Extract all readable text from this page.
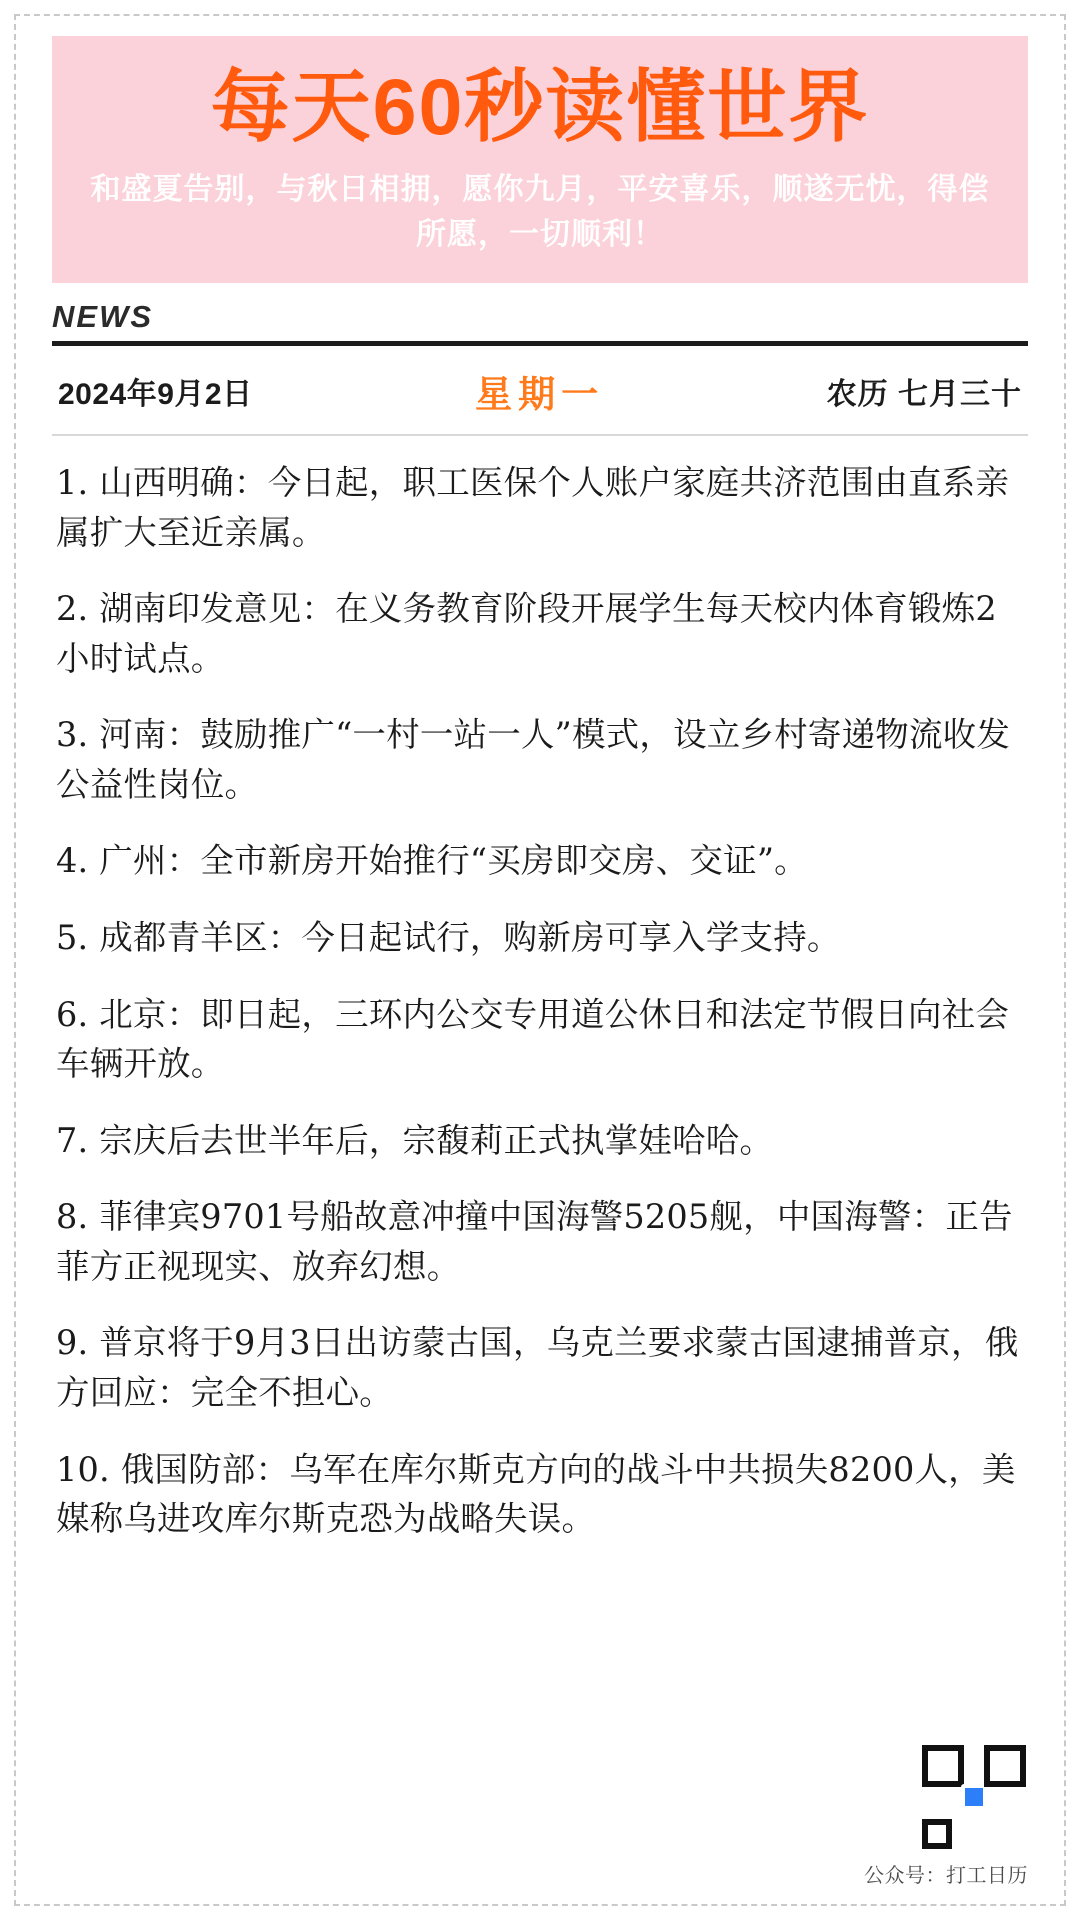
每天60秒读懂世界
和盛夏告别，与秋日相拥，愿你九月，平安喜乐，顺遂无忧，得偿所愿，一切顺利！
NEWS
2024年9月2日	星期一	农历 七月三十
1. 山西明确：今日起，职工医保个人账户家庭共济范围由直系亲属扩大至近亲属。
2. 湖南印发意见：在义务教育阶段开展学生每天校内体育锻炼2小时试点。
3. 河南：鼓励推广“一村一站一人”模式，设立乡村寄递物流收发公益性岗位。
4. 广州：全市新房开始推行“买房即交房、交证”。
5. 成都青羊区：今日起试行，购新房可享入学支持。
6. 北京：即日起，三环内公交专用道公休日和法定节假日向社会车辆开放。
7. 宗庆后去世半年后，宗馥莉正式执掌娃哈哈。
8. 菲律宾9701号船故意冲撞中国海警5205舰，中国海警：正告菲方正视现实、放弃幻想。
9. 普京将于9月3日出访蒙古国，乌克兰要求蒙古国逮捕普京，俄方回应：完全不担心。
10. 俄国防部：乌军在库尔斯克方向的战斗中共损失8200人，美媒称乌进攻库尔斯克恐为战略失误。
公众号：打工日历
